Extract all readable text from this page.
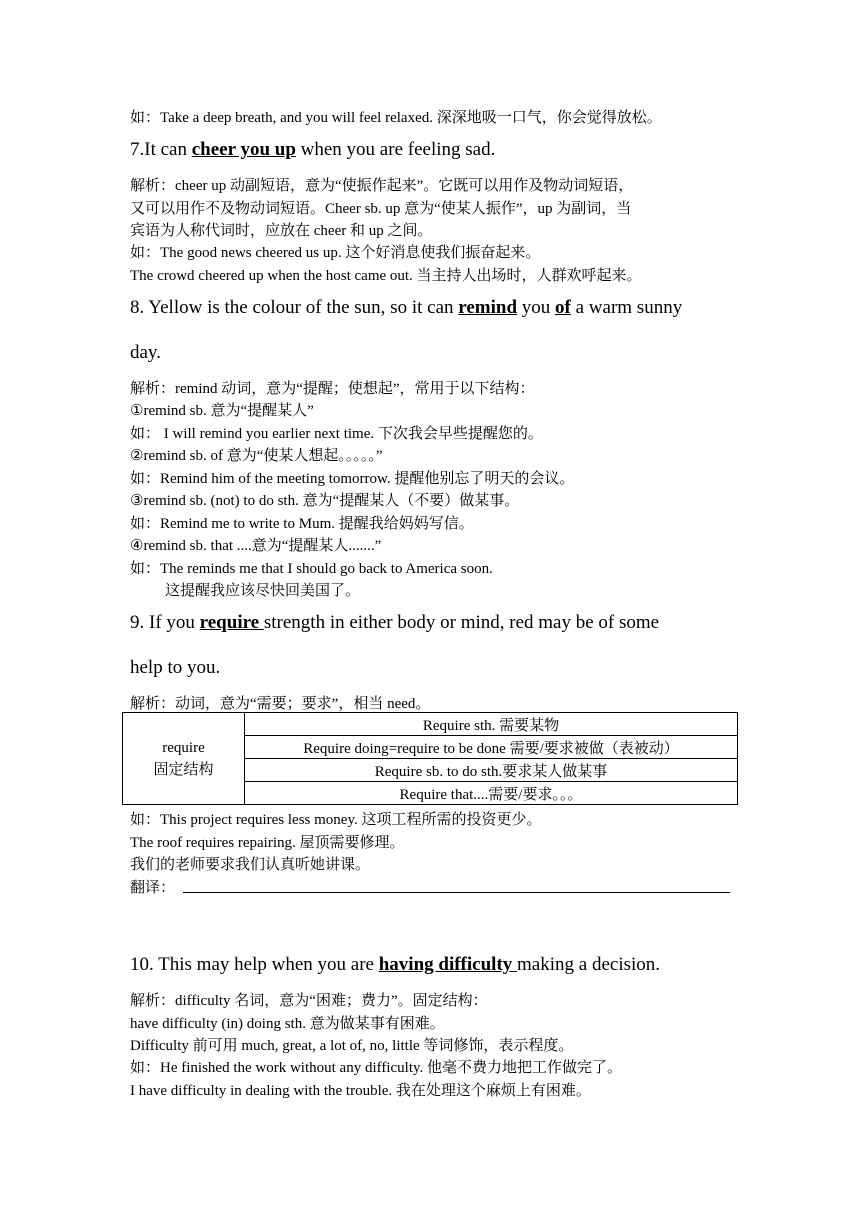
如：Take a deep breath, and you will feel relaxed. 深深地吸一口气，你会觉得放松。
7.It can cheer you up when you are feeling sad.
解析：cheer up 动副短语，意为“使振作起来”。它既可以用作及物动词短语，
又可以用作不及物动词短语。Cheer sb. up 意为“使某人振作”，up 为副词，当
宾语为人称代词时，应放在 cheer 和 up 之间。
如：The good news cheered us up. 这个好消息使我们振奋起来。
The crowd cheered up when the host came out. 当主持人出场时，人群欢呼起来。
8. Yellow is the colour of the sun, so it can remind you of a warm sunny
day.
解析：remind 动词，意为“提醒；使想起”，常用于以下结构：
①remind sb. 意为“提醒某人”
如： I will remind you earlier next time. 下次我会早些提醒您的。
②remind sb. of 意为“使某人想起。。。。。”
如：Remind him of the meeting tomorrow. 提醒他别忘了明天的会议。
③remind sb. (not) to do sth. 意为“提醒某人（不要）做某事。
如：Remind me to write to Mum. 提醒我给妈妈写信。
④remind sb. that ....意为“提醒某人.......”
如：The reminds me that I should go back to America soon.
这提醒我应该尽快回美国了。
9. If you require strength in either body or mind, red may be of some
help to you.
解析：动词，意为“需要；要求”，相当 need。
require
固定结构
	Require sth. 需要某物
Require doing=require to be done 需要/要求被做（表被动）
Require sb. to do sth.要求某人做某事
Require that....需要/要求。。。
如：This project requires less money. 这项工程所需的投资更少。
The roof requires repairing. 屋顶需要修理。
我们的老师要求我们认真听她讲课。
翻译：
10. This may help when you are having difficulty making a decision.
解析：difficulty 名词，意为“困难；费力”。固定结构：
have difficulty (in) doing sth. 意为做某事有困难。
Difficulty 前可用 much, great, a lot of, no, little 等词修饰，表示程度。
如：He finished the work without any difficulty. 他毫不费力地把工作做完了。
I have difficulty in dealing with the trouble. 我在处理这个麻烦上有困难。
